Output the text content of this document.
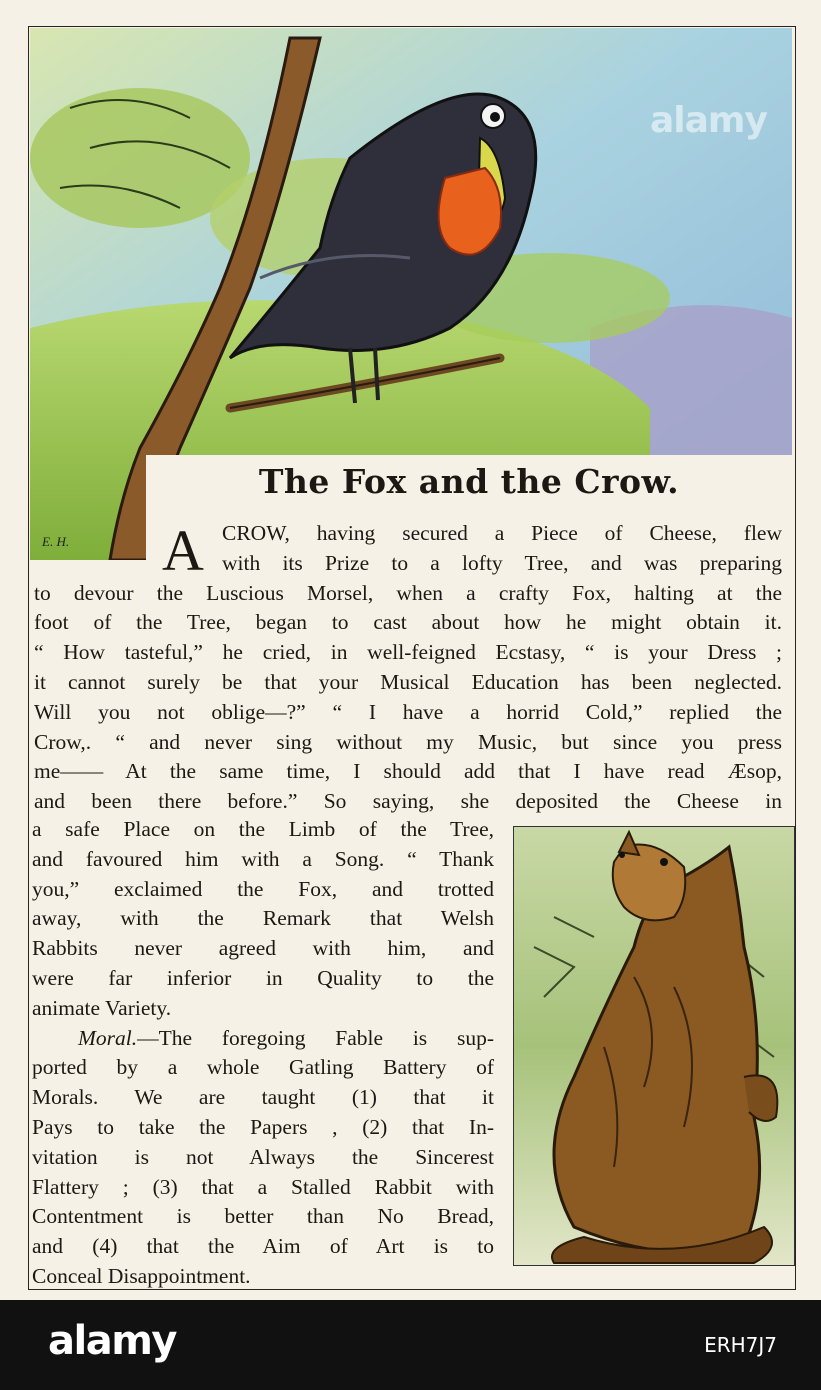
alamy
E. H.
The Fox and the Crow.
A CROW, having secured a Piece of Cheese, flew

with its Prize to a lofty Tree, and was preparing

to devour the Luscious Morsel, when a crafty Fox, halting at the

foot of the Tree, began to cast about how he might obtain it.

“ How tasteful,” he cried, in well-feigned Ecstasy, “ is your Dress ;

it cannot surely be that your Musical Education has been neglected.

Will you not oblige—?” “ I have a horrid Cold,” replied the

Crow,. “ and never sing without my Music, but since you press

me—— At the same time, I should add that I have read Æsop,

and been there before.” So saying, she deposited the Cheese in

a safe Place on the Limb of the Tree,
and favoured him with a Song. “ Thank
you,” exclaimed the Fox, and trotted
away, with the Remark that Welsh
Rabbits never agreed with him, and
were far inferior in Quality to the
animate Variety.
Moral.—The foregoing Fable is sup-
ported by a whole Gatling Battery of
Morals. We are taught (1) that it
Pays to take the Papers , (2) that In-
vitation is not Always the Sincerest
Flattery ; (3) that a Stalled Rabbit with
Contentment is better than No Bread,
and (4) that the Aim of Art is to
Conceal Disappointment.
alamy	ERH7J7
